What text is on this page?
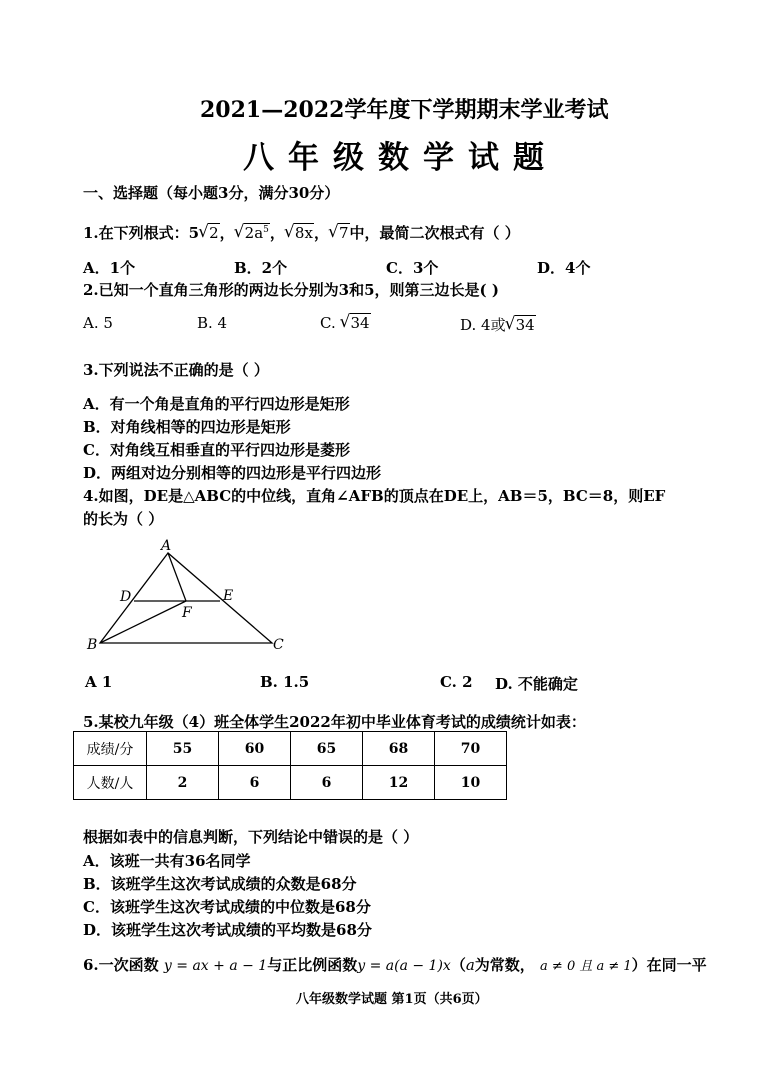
2021—2022学年度下学期期末学业考试
八年级数学试题
一、选择题（每小题3分，满分30分）
1.在下列根式：5 √ 2， √ $2a^5$， √ 8x， √ 7中，最简二次根式有（ ）
A．1个	B．2个	C．3个	D．4个
2.已知一个直角三角形的两边长分别为3和5，则第三边长是( )
A. 5	B. 4	C. √ 34	D. 4或 √ 34
3.下列说法不正确的是（ ）
A．有一个角是直角的平行四边形是矩形
B．对角线相等的四边形是矩形
C．对角线互相垂直的平行四边形是菱形
D．两组对边分别相等的四边形是平行四边形
4.如图，DE是△ABC的中位线，直角∠AFB的顶点在DE上，AB＝5，BC＝8，则EF
的长为（ ）
A
D	E
F
B	C
A 1	B. 1.5	C. 2 D. 不能确定
5.某校九年级（4）班全体学生2022年初中毕业体育考试的成绩统计如表：
成绩/分	55	60	65	68	70
人数/人	2	6	6	12	10
根据如表中的信息判断，下列结论中错误的是（ ）
A．该班一共有36名同学
B．该班学生这次考试成绩的众数是68分
C．该班学生这次考试成绩的中位数是68分
D．该班学生这次考试成绩的平均数是68分
6.一次函数 y = ax + a − 1与正比例函数y = a(a − 1)x（a为常数， a ≠ 0 且 a ≠ 1）在同一平
八年级数学试题 第1页（共6页）
